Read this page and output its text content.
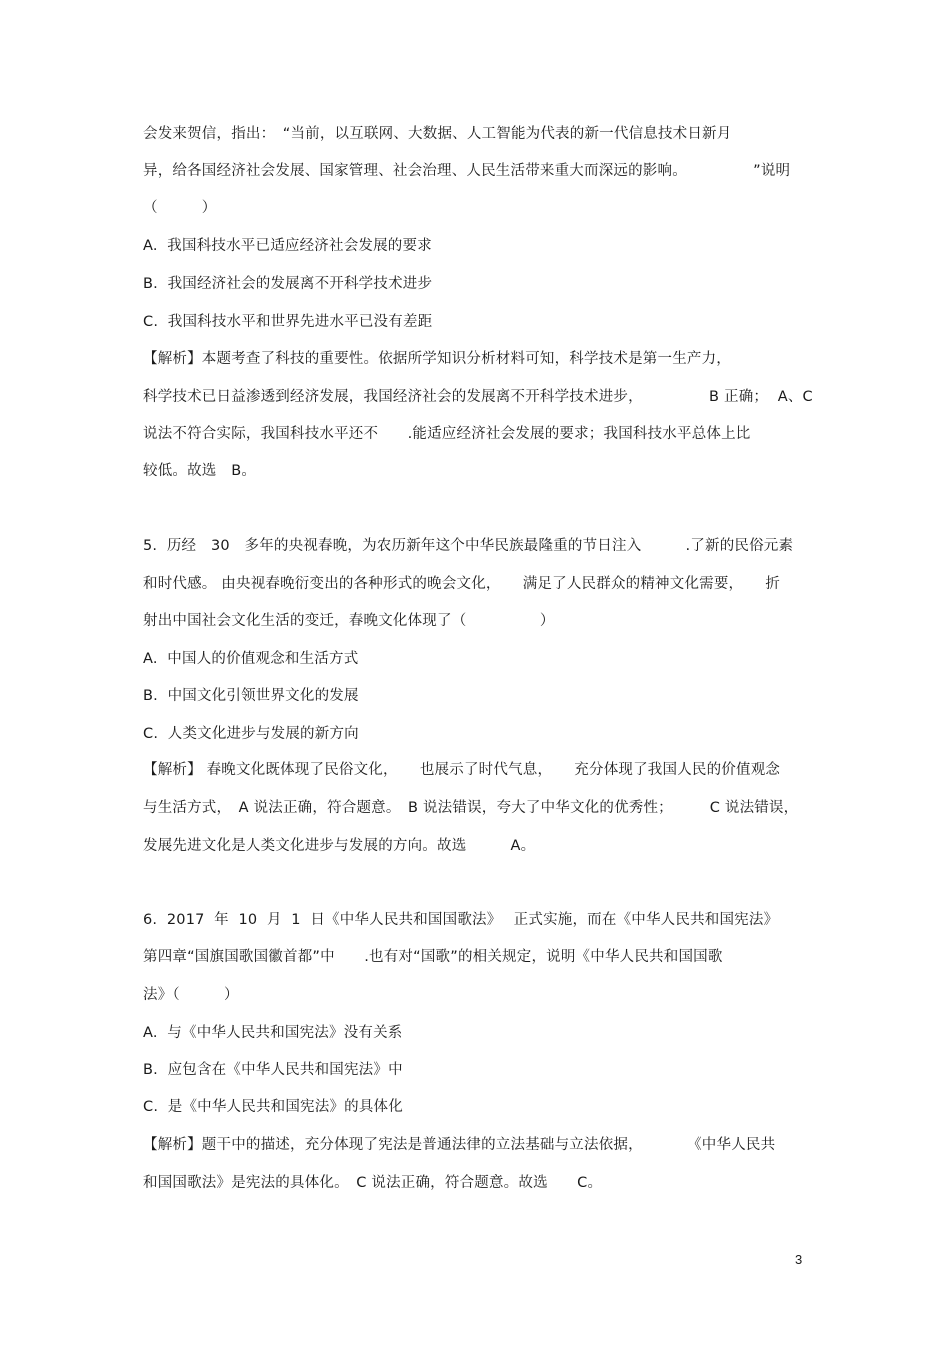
会发来贺信，指出：　“当前，以互联网、大数据、人工智能为代表的新一代信息技术日新月
异，给各国经济社会发展、国家管理、社会治理、人民生活带来重大而深远的影响。　　　　　”说明
（　　　）
A.  我国科技水平已适应经济社会发展的要求
B.  我国经济社会的发展离不开科学技术进步
C.  我国科技水平和世界先进水平已没有差距
【解析】本题考查了科技的重要性。依据所学知识分析材料可知，科学技术是第一生产力，
科学技术已日益渗透到经济发展，我国经济社会的发展离不开科学技术进步，　　　　　B 正确；  A、C
说法不符合实际，我国科技水平还不　　.能适应经济社会发展的要求；我国科技水平总体上比
较低。故选　B。
5.  历经　30　多年的央视春晚，为农历新年这个中华民族最隆重的节日注入　　　.了新的民俗元素
和时代感。 由央视春晚衍变出的各种形式的晚会文化，　　满足了人民群众的精神文化需要，　　折
射出中国社会文化生活的变迁，春晚文化体现了（　　　　　）
A.  中国人的价值观念和生活方式
B.  中国文化引领世界文化的发展
C.  人类文化进步与发展的新方向
【解析】 春晚文化既体现了民俗文化，　　也展示了时代气息，　　充分体现了我国人民的价值观念
与生活方式，　A 说法正确，符合题意。　B 说法错误，夸大了中华文化的优秀性；　　　C 说法错误，
发展先进文化是人类文化进步与发展的方向。故选　　　A。
6.  2017  年  10  月  1  日《中华人民共和国国歌法》　 正式实施，而在《中华人民共和国宪法》
第四章“国旗国歌国徽首都”中　　.也有对“国歌”的相关规定，说明《中华人民共和国国歌
法》（　　　）
A.  与《中华人民共和国宪法》没有关系
B.  应包含在《中华人民共和国宪法》中
C.  是《中华人民共和国宪法》的具体化
【解析】题干中的描述，充分体现了宪法是普通法律的立法基础与立法依据，　　　　《中华人民共
和国国歌法》是宪法的具体化。　C 说法正确，符合题意。故选　　C。
3
